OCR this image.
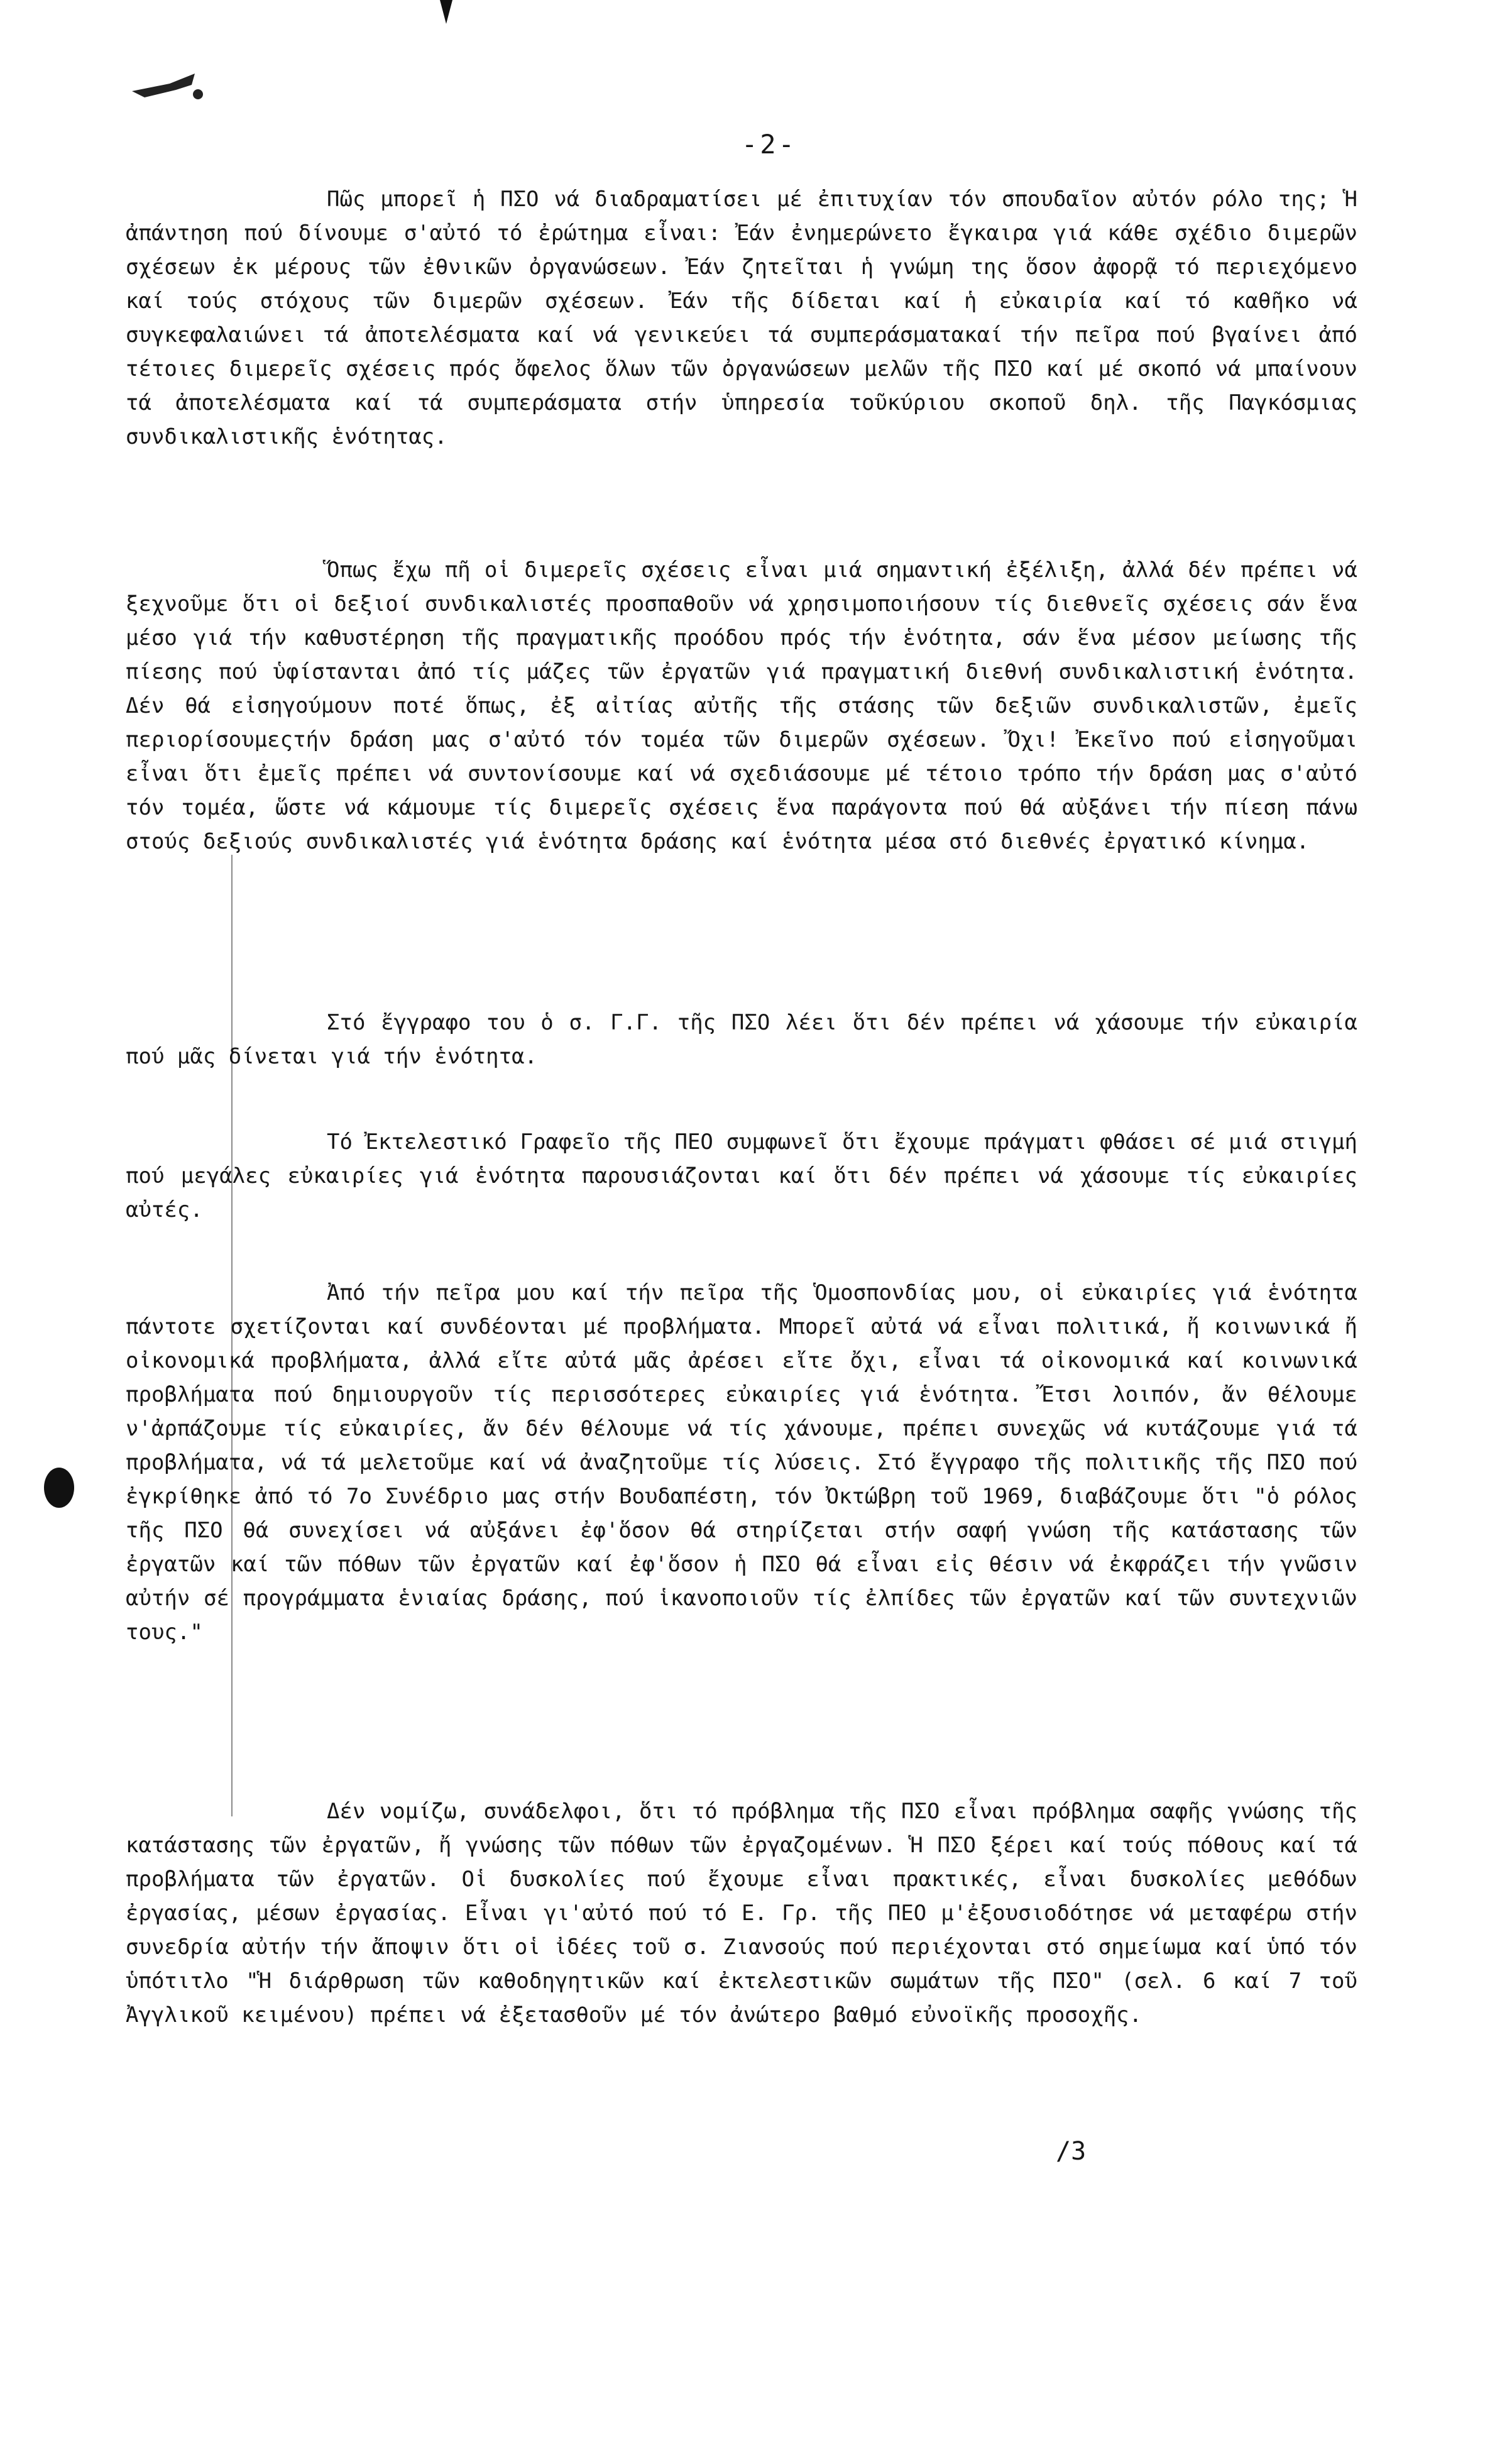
-2-

Πῶς μπορεῖ ἡ ΠΣΟ νά διαδραματίσει μέ ἐπιτυχίαν τόν σπουδαῖον αὐτόν ρόλο της; Ἡ ἀπάντηση πού δίνουμε σ'αὐτό τό ἐρώτημα εἶναι: Ἐάν ἐνημερώνετο ἔγκαιρα γιά κάθε σχέδιο διμερῶν σχέσεων ἐκ μέρους τῶν ἐθνικῶν ὀργανώσεων. Ἐάν ζητεῖται ἡ γνώμη της ὅσον ἀφορᾷ τό περιεχόμενο καί τούς στόχους τῶν διμερῶν σχέσεων. Ἐάν τῆς δίδεται καί ἡ εὐκαιρία καί τό καθῆκο νά συγκεφαλαιώνει τά ἀποτελέσματα καί νά γενικεύει τά συμπεράσματακαί τήν πεῖρα πού βγαίνει ἀπό τέτοιες διμερεῖς σχέσεις πρός ὄφελος ὅλων τῶν ὀργανώσεων μελῶν τῆς ΠΣΟ καί μέ σκοπό νά μπαίνουν τά ἀποτελέσματα καί τά συμπεράσματα στήν ὑπηρεσία τοῦκύριου σκοποῦ δηλ. τῆς Παγκόσμιας συνδικαλιστικῆς ἑνότητας.

Ὅπως ἔχω πῆ οἱ διμερεῖς σχέσεις εἶναι μιά σημαντική ἐξέλιξη, ἀλλά δέν πρέπει νά ξεχνοῦμε ὅτι οἱ δεξιοί συνδικαλιστές προσπαθοῦν νά χρησιμοποιήσουν τίς διεθνεῖς σχέσεις σάν ἕνα μέσο γιά τήν καθυστέρηση τῆς πραγματικῆς προόδου πρός τήν ἑνότητα, σάν ἕνα μέσον μείωσης τῆς πίεσης πού ὑφίστανται ἀπό τίς μάζες τῶν ἐργατῶν γιά πραγματική διεθνή συνδικαλιστική ἑνότητα. Δέν θά εἰσηγούμουν ποτέ ὅπως, ἐξ αἰτίας αὐτῆς τῆς στάσης τῶν δεξιῶν συνδικαλιστῶν, ἐμεῖς περιορίσουμεςτήν δράση μας σ'αὐτό τόν τομέα τῶν διμερῶν σχέσεων. Ὄχι! Ἐκεῖνο πού εἰσηγοῦμαι εἶναι ὅτι ἐμεῖς πρέπει νά συντονίσουμε καί νά σχεδιάσουμε μέ τέτοιο τρόπο τήν δράση μας σ'αὐτό τόν τομέα, ὥστε νά κάμουμε τίς διμερεῖς σχέσεις ἕνα παράγοντα πού θά αὐξάνει τήν πίεση πάνω στούς δεξιούς συνδικαλιστές γιά ἑνότητα δράσης καί ἑνότητα μέσα στό διεθνές ἐργατικό κίνημα.

Στό ἔγγραφο του ὁ σ. Γ.Γ. τῆς ΠΣΟ λέει ὅτι δέν πρέπει νά χάσουμε τήν εὐκαιρία πού μᾶς δίνεται γιά τήν ἑνότητα.

Τό Ἐκτελεστικό Γραφεῖο τῆς ΠΕΟ συμφωνεῖ ὅτι ἔχουμε πράγματι φθάσει σέ μιά στιγμή πού μεγάλες εὐκαιρίες γιά ἑνότητα παρουσιάζονται καί ὅτι δέν πρέπει νά χάσουμε τίς εὐκαιρίες αὐτές.

Ἀπό τήν πεῖρα μου καί τήν πεῖρα τῆς Ὁμοσπονδίας μου, οἱ εὐκαιρίες γιά ἑνότητα πάντοτε σχετίζονται καί συνδέονται μέ προβλήματα. Μπορεῖ αὐτά νά εἶναι πολιτικά, ἤ κοινωνικά ἤ οἰκονομικά προβλήματα, ἀλλά εἴτε αὐτά μᾶς ἀρέσει εἴτε ὄχι, εἶναι τά οἰκονομικά καί κοινωνικά προβλήματα πού δημιουργοῦν τίς περισσότερες εὐκαιρίες γιά ἑνότητα. Ἔτσι λοιπόν, ἄν θέλουμε ν'ἀρπάζουμε τίς εὐκαιρίες, ἄν δέν θέλουμε νά τίς χάνουμε, πρέπει συνεχῶς νά κυτάζουμε γιά τά προβλήματα, νά τά μελετοῦμε καί νά ἀναζητοῦμε τίς λύσεις. Στό ἔγγραφο τῆς πολιτικῆς τῆς ΠΣΟ πού ἐγκρίθηκε ἀπό τό 7ο Συνέδριο μας στήν Βουδαπέστη, τόν Ὀκτώβρη τοῦ 1969, διαβάζουμε ὅτι "ὁ ρόλος τῆς ΠΣΟ θά συνεχίσει νά αὐξάνει ἐφ'ὅσον θά στηρίζεται στήν σαφή γνώση τῆς κατάστασης τῶν ἐργατῶν καί τῶν πόθων τῶν ἐργατῶν καί ἐφ'ὅσον ἡ ΠΣΟ θά εἶναι εἰς θέσιν νά ἐκφράζει τήν γνῶσιν αὐτήν σέ προγράμματα ἑνιαίας δράσης, πού ἱκανοποιοῦν τίς ἐλπίδες τῶν ἐργατῶν καί τῶν συντεχνιῶν τους."

Δέν νομίζω, συνάδελφοι, ὅτι τό πρόβλημα τῆς ΠΣΟ εἶναι πρόβλημα σαφῆς γνώσης τῆς κατάστασης τῶν ἐργατῶν, ἤ γνώσης τῶν πόθων τῶν ἐργαζομένων. Ἡ ΠΣΟ ξέρει καί τούς πόθους καί τά προβλήματα τῶν ἐργατῶν. Οἱ δυσκολίες πού ἔχουμε εἶναι πρακτικές, εἶναι δυσκολίες μεθόδων ἐργασίας, μέσων ἐργασίας. Εἶναι γι'αὐτό πού τό Ε. Γρ. τῆς ΠΕΟ μ'ἐξουσιοδότησε νά μεταφέρω στήν συνεδρία αὐτήν τήν ἄποψιν ὅτι οἱ ἰδέες τοῦ σ. Ζιανσούς πού περιέχονται στό σημείωμα καί ὑπό τόν ὑπότιτλο "Ἡ διάρθρωση τῶν καθοδηγητικῶν καί ἐκτελεστικῶν σωμάτων τῆς ΠΣΟ" (σελ. 6 καί 7 τοῦ Ἀγγλικοῦ κειμένου) πρέπει νά ἐξετασθοῦν μέ τόν ἀνώτερο βαθμό εὐνοϊκῆς προσοχῆς.

/3
